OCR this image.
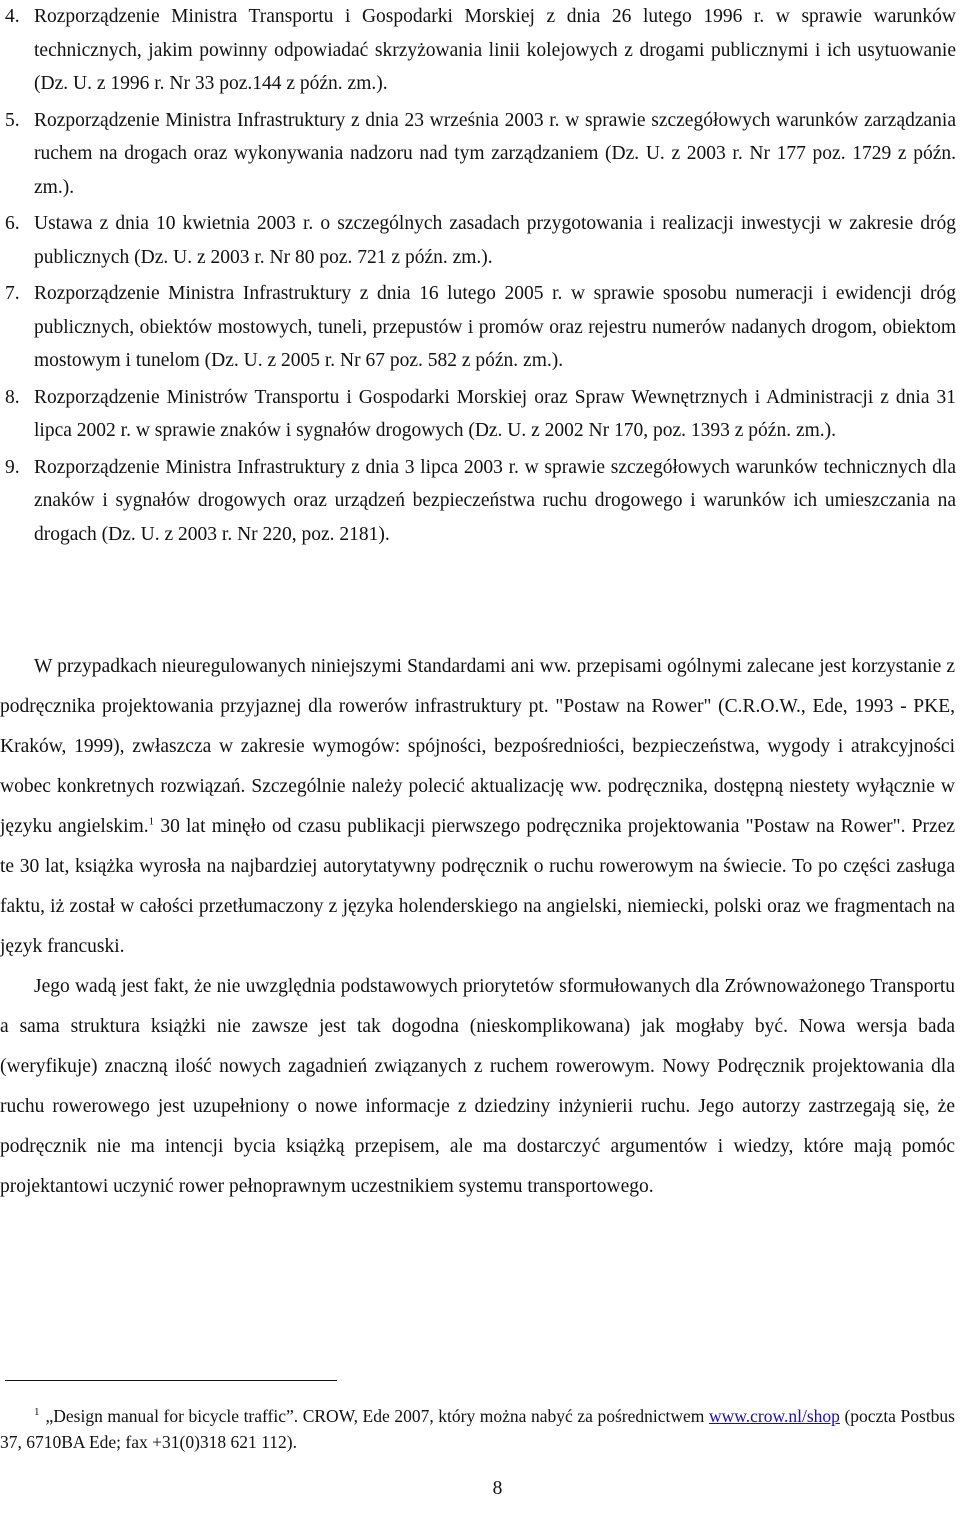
4. Rozporządzenie Ministra Transportu i Gospodarki Morskiej z dnia 26 lutego 1996 r. w sprawie warunków technicznych, jakim powinny odpowiadać skrzyżowania linii kolejowych z drogami publicznymi i ich usytuowanie (Dz. U. z 1996 r. Nr 33 poz.144 z późn. zm.).
5. Rozporządzenie Ministra Infrastruktury z dnia 23 września 2003 r. w sprawie szczegółowych warunków zarządzania ruchem na drogach oraz wykonywania nadzoru nad tym zarządzaniem (Dz. U. z 2003 r. Nr 177 poz. 1729 z późn. zm.).
6. Ustawa z dnia 10 kwietnia 2003 r. o szczególnych zasadach przygotowania i realizacji inwestycji w zakresie dróg publicznych (Dz. U. z 2003 r. Nr 80 poz. 721 z późn. zm.).
7. Rozporządzenie Ministra Infrastruktury z dnia 16 lutego 2005 r. w sprawie sposobu numeracji i ewidencji dróg publicznych, obiektów mostowych, tuneli, przepustów i promów oraz rejestru numerów nadanych drogom, obiektom mostowym i tunelom (Dz. U. z 2005 r. Nr 67 poz. 582 z późn. zm.).
8. Rozporządzenie Ministrów Transportu i Gospodarki Morskiej oraz Spraw Wewnętrznych i Administracji z dnia 31 lipca 2002 r. w sprawie znaków i sygnałów drogowych (Dz. U. z 2002 Nr 170, poz. 1393 z późn. zm.).
9. Rozporządzenie Ministra Infrastruktury z dnia 3 lipca 2003 r. w sprawie szczegółowych warunków technicznych dla znaków i sygnałów drogowych oraz urządzeń bezpieczeństwa ruchu drogowego i warunków ich umieszczania na drogach (Dz. U. z 2003 r. Nr 220, poz. 2181).

W przypadkach nieuregulowanych niniejszymi Standardami ani ww. przepisami ogólnymi zalecane jest korzystanie z podręcznika projektowania przyjaznej dla rowerów infrastruktury pt. "Postaw na Rower" (C.R.O.W., Ede, 1993 - PKE, Kraków, 1999), zwłaszcza w zakresie wymogów: spójności, bezpośredniości, bezpieczeństwa, wygody i atrakcyjności wobec konkretnych rozwiązań. Szczególnie należy polecić aktualizację ww. podręcznika, dostępną niestety wyłącznie w języku angielskim.$^1$ 30 lat minęło od czasu publikacji pierwszego podręcznika projektowania "Postaw na Rower". Przez te 30 lat, książka wyrosła na najbardziej autorytatywny podręcznik o ruchu rowerowym na świecie. To po części zasługa faktu, iż został w całości przetłumaczony z języka holenderskiego na angielski, niemiecki, polski oraz we fragmentach na język francuski.

Jego wadą jest fakt, że nie uwzględnia podstawowych priorytetów sformułowanych dla Zrównoważonego Transportu a sama struktura książki nie zawsze jest tak dogodna (nieskomplikowana) jak mogłaby być. Nowa wersja bada (weryfikuje) znaczną ilość nowych zagadnień związanych z ruchem rowerowym. Nowy Podręcznik projektowania dla ruchu rowerowego jest uzupełniony o nowe informacje z dziedziny inżynierii ruchu. Jego autorzy zastrzegają się, że podręcznik nie ma intencji bycia książką przepisem, ale ma dostarczyć argumentów i wiedzy, które mają pomóc projektantowi uczynić rower pełnoprawnym uczestnikiem systemu transportowego.

$^1$ „Design manual for bicycle traffic”. CROW, Ede 2007, który można nabyć za pośrednictwem www.crow.nl/shop (poczta Postbus 37, 6710BA Ede; fax +31(0)318 621 112).
8
